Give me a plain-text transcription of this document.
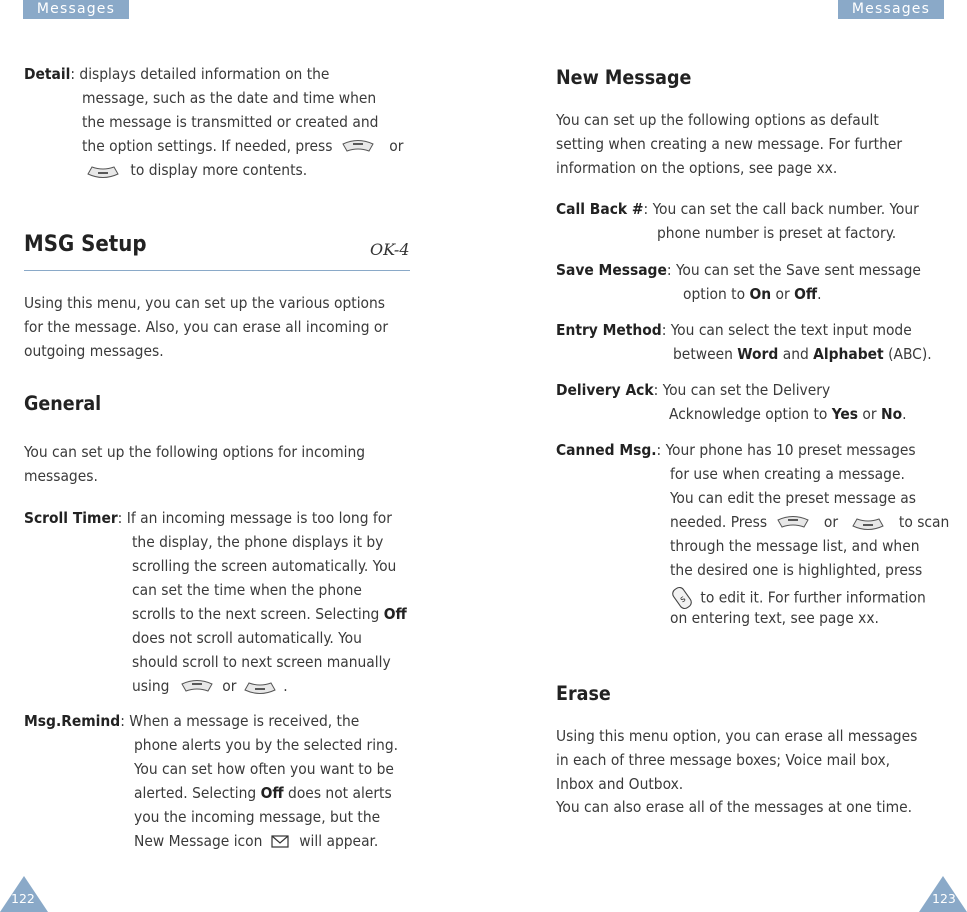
Messages	Messages
Detail: displays detailed information on the
message, such as the date and time when
the message is transmitted or created and
the option settings. If needed, press	or
to display more contents.
MSG Setup	OK-4
Using this menu, you can set up the various options
for the message. Also, you can erase all incoming or
outgoing messages.
General
You can set up the following options for incoming
messages.
Scroll Timer: If an incoming message is too long for
the display, the phone displays it by
scrolling the screen automatically. You
can set the time when the phone
scrolls to the next screen. Selecting Off
does not scroll automatically. You
should scroll to next screen manually
using	or	.
Msg.Remind: When a message is received, the
phone alerts you by the selected ring.
You can set how often you want to be
alerted. Selecting Off does not alerts
you the incoming message, but the
New Message icon will appear.
122
New Message
You can set up the following options as default
setting when creating a new message. For further
information on the options, see page xx.
Call Back #: You can set the call back number. Your
phone number is preset at factory.
Save Message: You can set the Save sent message
option to On or Off.
Entry Method: You can select the text input mode
between Word and Alphabet (ABC).
Delivery Ack: You can set the Delivery
Acknowledge option to Yes or No.
Canned Msg.: Your phone has 10 preset messages
for use when creating a message.
You can edit the preset message as
needed. Press	or	to scan
through the message list, and when
the desired one is highlighted, press
s to edit it. For further information
on entering text, see page xx.
Erase
Using this menu option, you can erase all messages
in each of three message boxes; Voice mail box,
Inbox and Outbox.
You can also erase all of the messages at one time.
123
